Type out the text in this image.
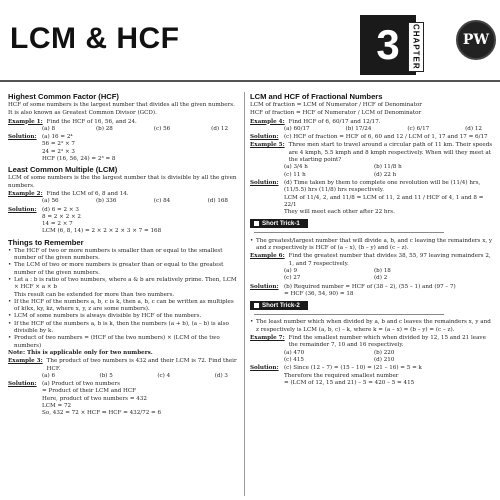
LCM & HCF	3	CHAPTER	PW
Highest Common Factor (HCF)

HCF of some numbers is the largest number that divides all the given numbers.

It is also known as Greatest Common Divisor (GCD).

Example 1: Find the HCF of 16, 56, and 24.
(a) 8	(b) 28	(c) 56	(d) 12
Solution: (a) 16 = 2⁴

56 = 2³ × 7

24 = 2³ × 3

HCF (16, 56, 24) = 2³ = 8

Least Common Multiple (LCM)

LCM of some numbers is the the largest number that is divisible by all the given numbers.

Example 2: Find the LCM of 6, 8 and 14.
(a) 56	(b) 336	(c) 84	(d) 168
Solution: (d) 6 = 2 × 3

8 = 2 × 2 × 2

14 = 2 × 7

LCM (6, 8, 14) = 2 × 2 × 2 × 3 × 7 = 168

Things to Remember

• The HCF of two or more numbers is smaller than or equal to the smallest number of the given numbers.

• The LCM of two or more numbers is greater than or equal to the greatest number of the given numbers.

• Let a : b is ratio of two numbers, where a & b are relatively prime. Then, LCM × HCF × a × b

This result can be extended for more than two numbers.

• If the HCF of the numbers a, b, c is k, then a, b, c can be written as multiples of k(kx, ky, kz, where x, y, z are some numbers).

• LCM of some numbers is always divisible by HCF of the numbers.

• If the HCF of the numbers a, b is k, then the numbers (a + b), (a – b) is also divisible by k.

• Product of two numbers = (HCF of the two numbers) × (LCM of the two numbers)

Note: This is applicable only for two numbers.

Example 3: The product of two numbers is 432 and their LCM is 72. Find their HCF.
(a) 6	(b) 5	(c) 4	(d) 3
Solution: (a) Product of two numbers

= Product of their LCM and HCF

Here, product of two numbers = 432

LCM = 72

So, 432 = 72 × HCF ⇒ HCF = 432/72 = 6

LCM and HCF of Fractional Numbers

LCM of fraction = LCM of Numerator / HCF of Denominator

HCF of fraction = HCF of Numerator / LCM of Denominator

Example 4: Find HCF of 6, 60/17 and 12/17.
(a) 60/17	(b) 17/24	(c) 6/17	(d) 12
Solution: (c) HCF of fraction = HCF of 6, 60 and 12 / LCM of 1, 17 and 17 = 6/17

Example 5: Three men start to travel around a circular path of 11 km. Their speeds are 4 kmph, 5.5 kmph and 8 kmph respectively. When will they meet at the starting point?
(a) 3/4 h	(b) 11/8 h
(c) 11 h	(d) 22 h
Solution: (d) Time taken by them to complete one revolution will be (11/4) hrs, (11/5.5) hrs (11/8) hrs respectively.

LCM of 11/4, 2, and 11/8 = LCM of 11, 2 and 11 / HCF of 4, 1 and 8 = 22/1

They will meet each other after 22 hrs.

Short Trick-1

• The greatest/largest number that will divide a, b, and c leaving the remainders x, y and z respectively is HCF of (a – x), (b – y) and (c – z).

Example 6: Find the greatest number that divides 38, 55, 97 leaving remainders 2, 1, and 7 respectively.
(a) 9	(b) 18
(c) 27	(d) 2
Solution: (b) Required number = HCF of (38 – 2), (55 – 1) and (97 – 7)

= HCF (36, 54, 90) = 18

Short Trick-2

• The least number which when divided by a, b and c leaves the remainders x, y and z respectively is LCM (a, b, c) – k, where k = (a – x) = (b – y) = (c – z).

Example 7: Find the smallest number which when divided by 12, 15 and 21 leave the remainder 7, 10 and 16 respectively.
(a) 470	(b) 220
(c) 415	(d) 210
Solution: (c) Since (12 – 7) = (15 – 10) = (21 – 16) = 5 = k

Therefore the required smallest number

= (LCM of 12, 15 and 21) – 5 = 420 – 5 = 415
